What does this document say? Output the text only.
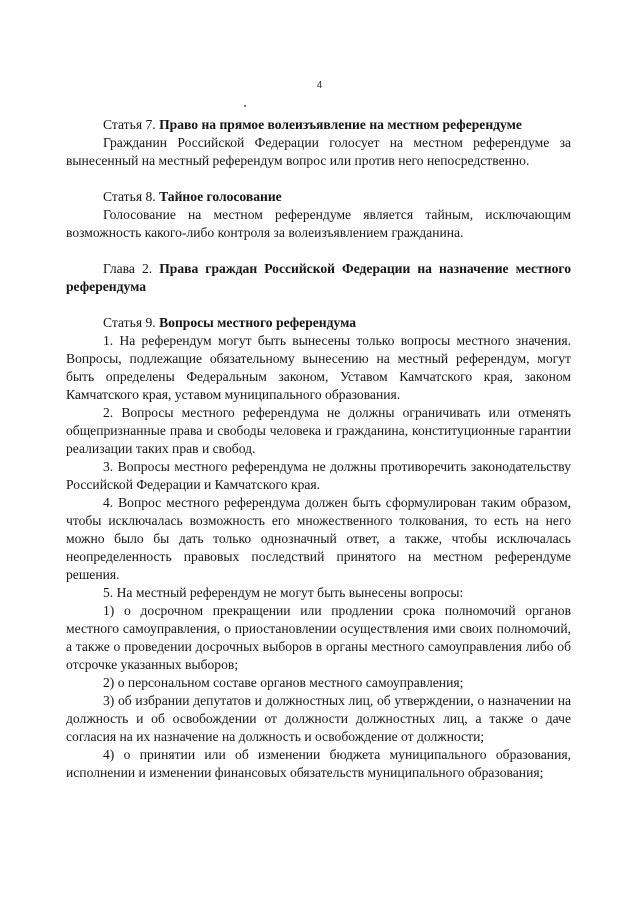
4

Статья 7. Право на прямое волеизъявление на местном референдуме

Гражданин Российской Федерации голосует на местном референдуме за вынесенный на местный референдум вопрос или против него непосредственно.

Статья 8. Тайное голосование

Голосование на местном референдуме является тайным, исключающим возможность какого-либо контроля за волеизъявлением гражданина.

Глава 2. Права граждан Российской Федерации на назначение местного референдума

Статья 9. Вопросы местного референдума

1. На референдум могут быть вынесены только вопросы местного значения. Вопросы, подлежащие обязательному вынесению на местный референдум, могут быть определены Федеральным законом, Уставом Камчатского края, законом Камчатского края, уставом муниципального образования.

2. Вопросы местного референдума не должны ограничивать или отменять общепризнанные права и свободы человека и гражданина, конституционные гарантии реализации таких прав и свобод.

3. Вопросы местного референдума не должны противоречить законодательству Российской Федерации и Камчатского края.

4. Вопрос местного референдума должен быть сформулирован таким образом, чтобы исключалась возможность его множественного толкования, то есть на него можно было бы дать только однозначный ответ, а также, чтобы исключалась неопределенность правовых последствий принятого на местном референдуме решения.

5. На местный референдум не могут быть вынесены вопросы:

1) о досрочном прекращении или продлении срока полномочий органов местного самоуправления, о приостановлении осуществления ими своих полномочий, а также о проведении досрочных выборов в органы местного самоуправления либо об отсрочке указанных выборов;

2) о персональном составе органов местного самоуправления;

3) об избрании депутатов и должностных лиц, об утверждении, о назначении на должность и об освобождении от должности должностных лиц, а также о даче согласия на их назначение на должность и освобождение от должности;

4) о принятии или об изменении бюджета муниципального образования, исполнении и изменении финансовых обязательств муниципального образования;
